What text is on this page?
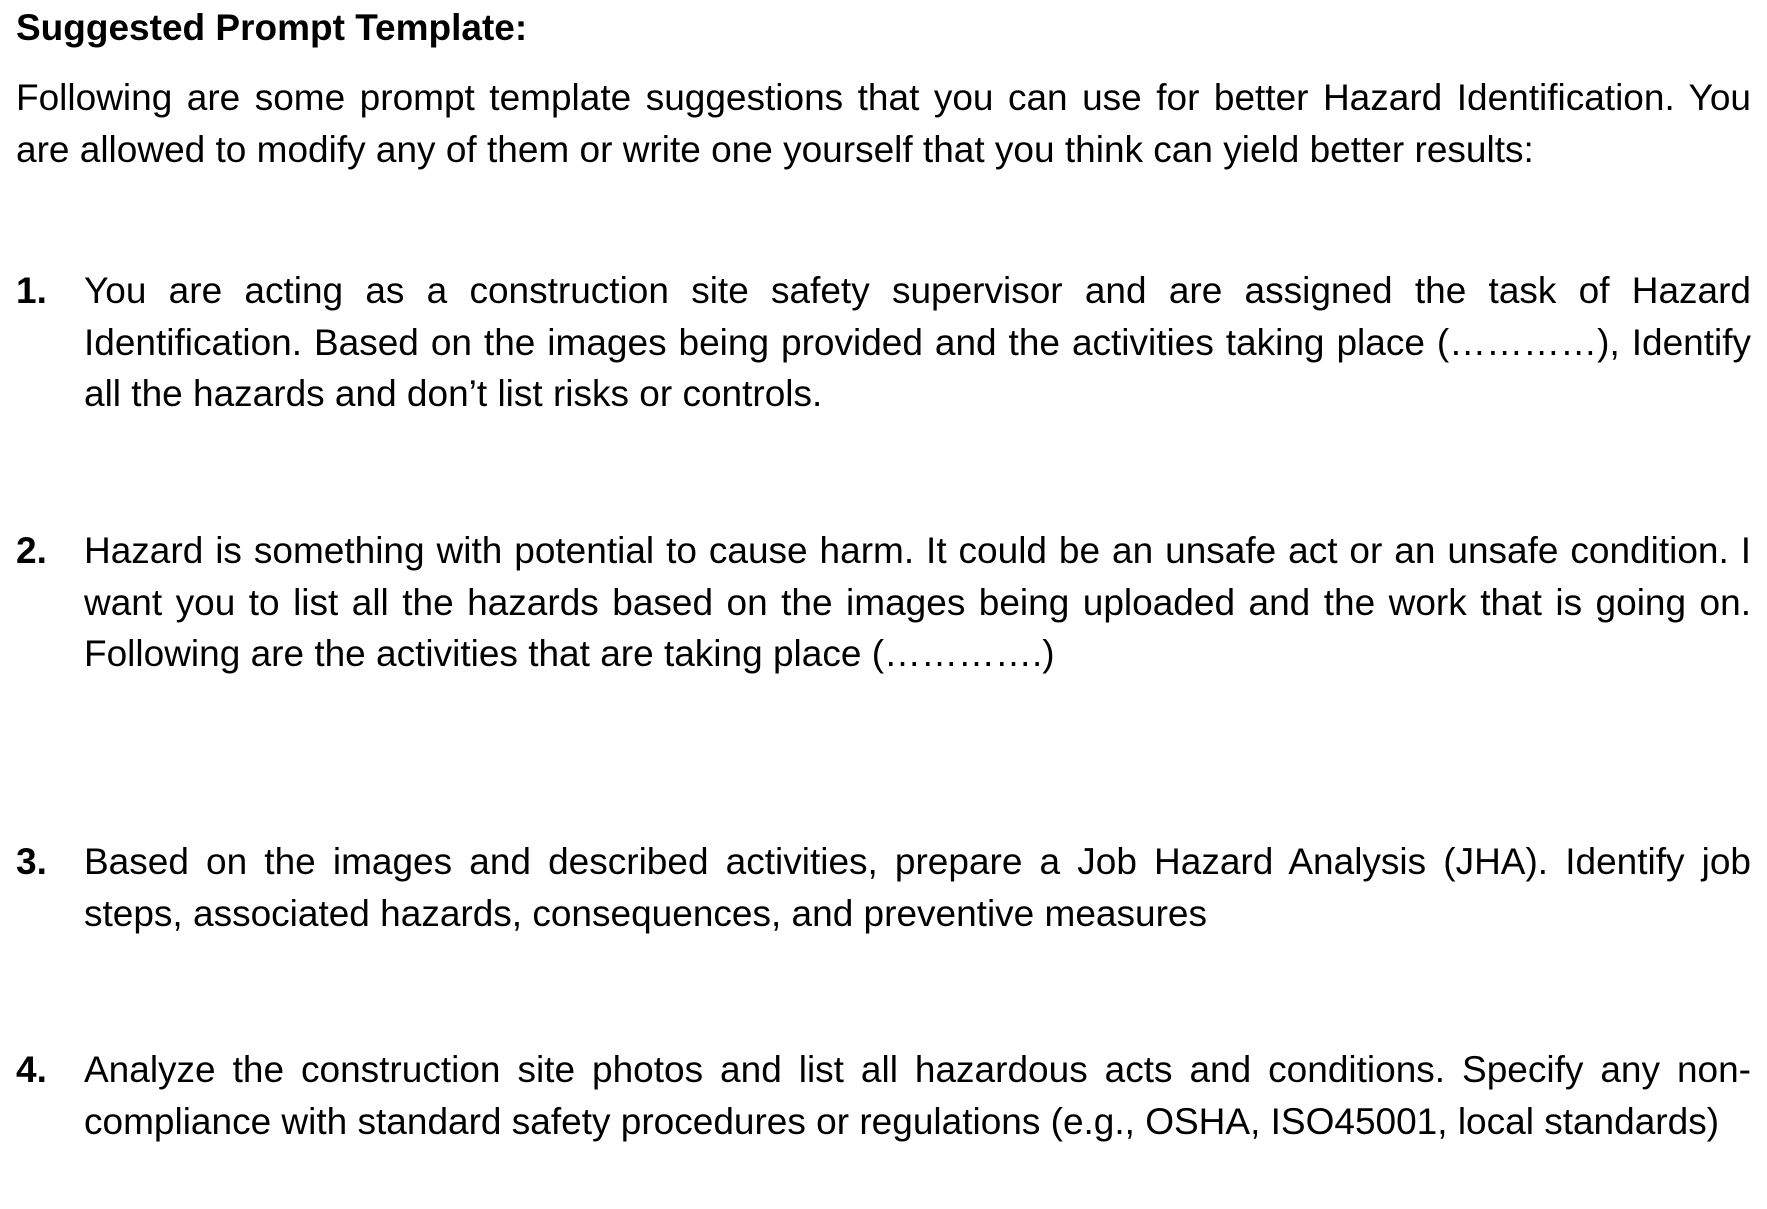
Suggested Prompt Template:

Following are some prompt template suggestions that you can use for better Hazard Identification. You are allowed to modify any of them or write one yourself that you think can yield better results:

1.	You are acting as a construction site safety supervisor and are assigned the task of Hazard Identification. Based on the images being provided and the activities taking place (…………), Identify all the hazards and don’t list risks or controls.

2.	Hazard is something with potential to cause harm. It could be an unsafe act or an unsafe condition. I want you to list all the hazards based on the images being uploaded and the work that is going on. Following are the activities that are taking place (………….)

3.	Based on the images and described activities, prepare a Job Hazard Analysis (JHA). Identify job steps, associated hazards, consequences, and preventive measures

4.	Analyze the construction site photos and list all hazardous acts and conditions. Specify any non-compliance with standard safety procedures or regulations (e.g., OSHA, ISO45001, local standards)
